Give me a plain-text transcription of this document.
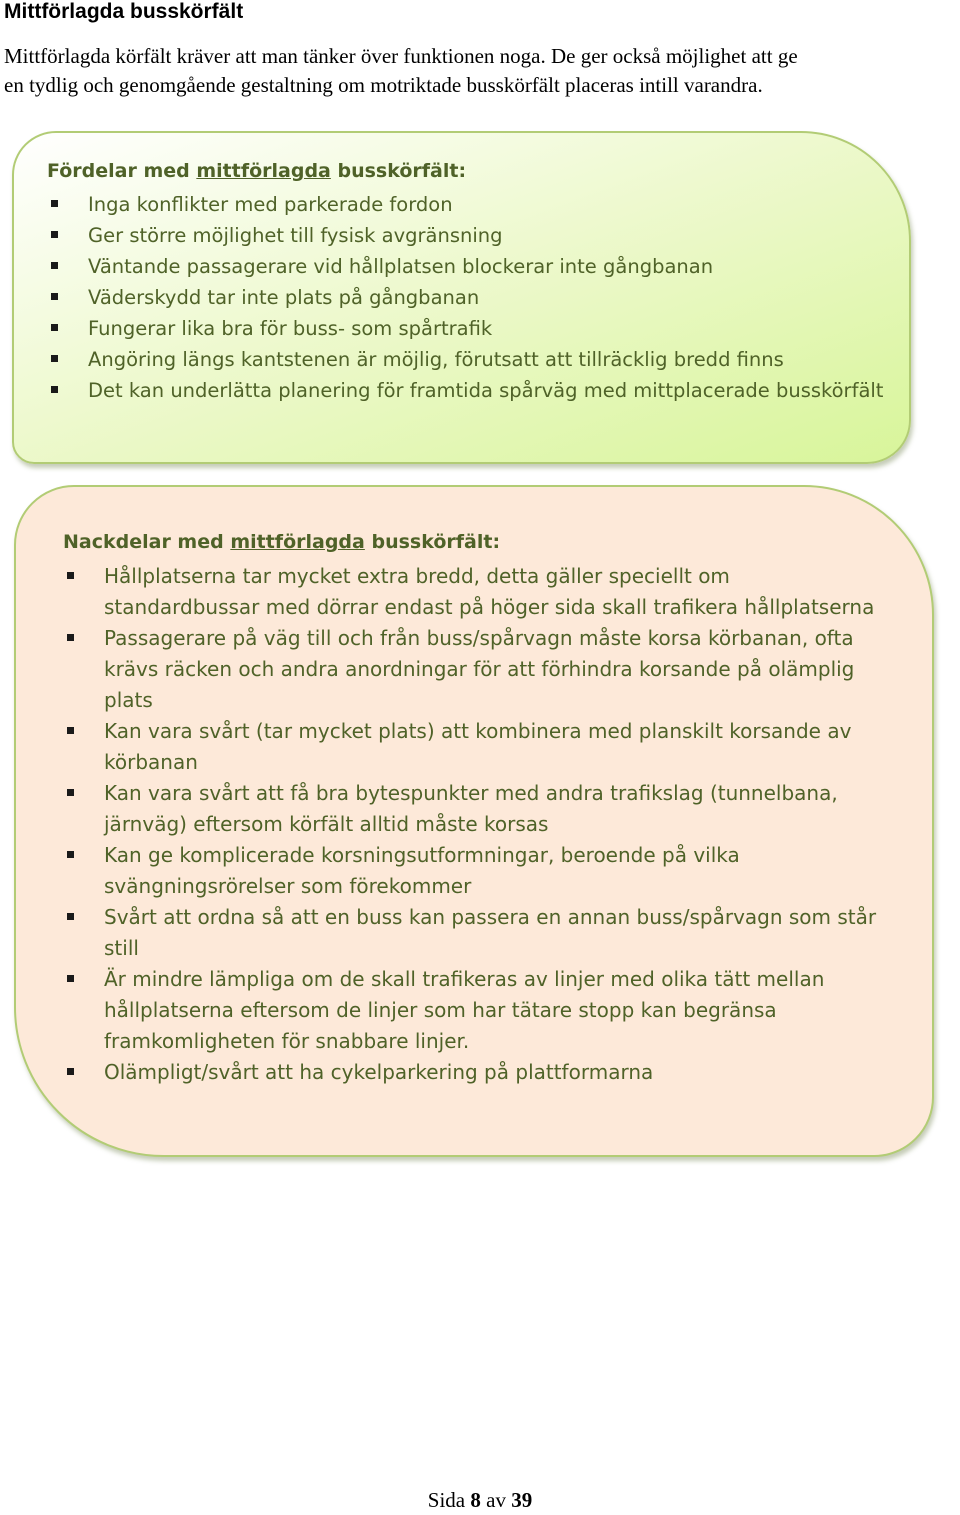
Mittförlagda busskörfält

Mittförlagda körfält kräver att man tänker över funktionen noga. De ger också möjlighet att ge
en tydlig och genomgående gestaltning om motriktade busskörfält placeras intill varandra.

Fördelar med mittförlagda busskörfält:

Inga konflikter med parkerade fordon
Ger större möjlighet till fysisk avgränsning
Väntande passagerare vid hållplatsen blockerar inte gångbanan
Väderskydd tar inte plats på gångbanan
Fungerar lika bra för buss- som spårtrafik
Angöring längs kantstenen är möjlig, förutsatt att tillräcklig bredd finns
Det kan underlätta planering för framtida spårväg med mittplacerade busskörfält

Nackdelar med mittförlagda busskörfält:

Hållplatserna tar mycket extra bredd, detta gäller speciellt om standardbussar med dörrar endast på höger sida skall trafikera hållplatserna
Passagerare på väg till och från buss/spårvagn måste korsa körbanan, ofta krävs räcken och andra anordningar för att förhindra korsande på olämplig plats
Kan vara svårt (tar mycket plats) att kombinera med planskilt korsande av körbanan
Kan vara svårt att få bra bytespunkter med andra trafikslag (tunnelbana, järnväg) eftersom körfält alltid måste korsas
Kan ge komplicerade korsningsutformningar, beroende på vilka svängningsrörelser som förekommer
Svårt att ordna så att en buss kan passera en annan buss/spårvagn som står still
Är mindre lämpliga om de skall trafikeras av linjer med olika tätt mellan hållplatserna eftersom de linjer som har tätare stopp kan begränsa framkomligheten för snabbare linjer.
Olämpligt/svårt att ha cykelparkering på plattformarna
Sida 8 av 39
